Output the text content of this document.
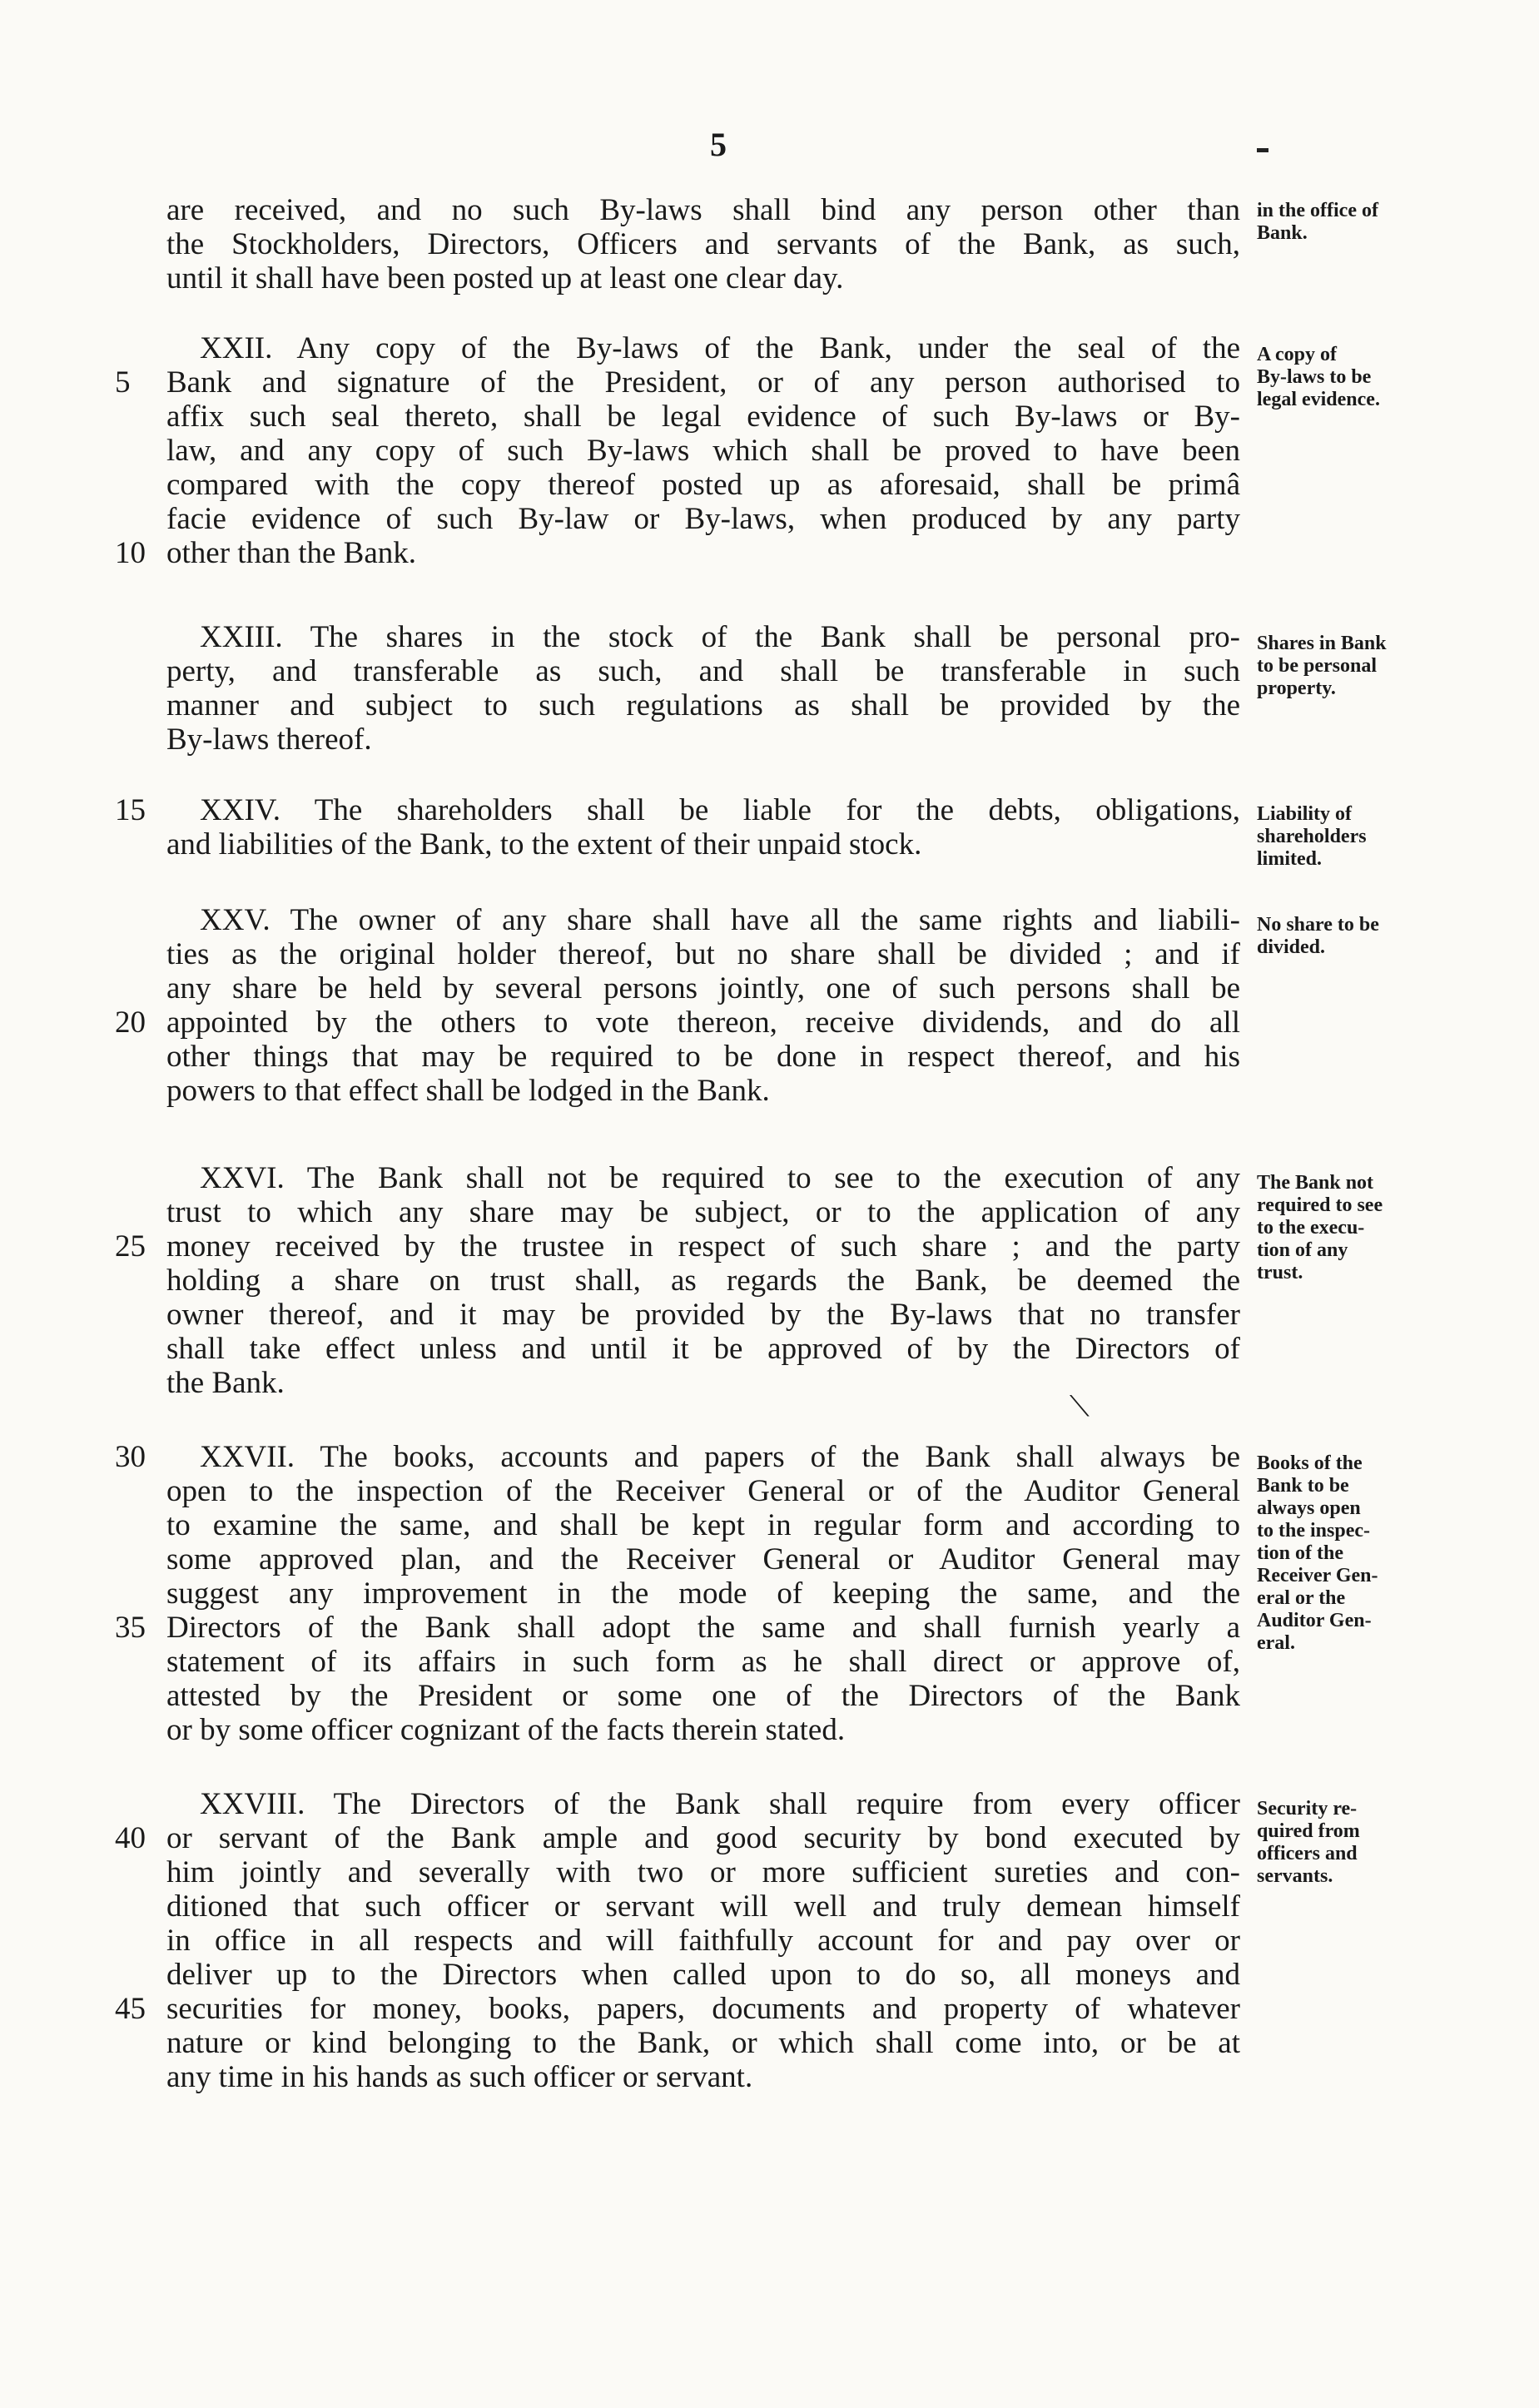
5
are received, and no such By-laws shall bind any person other than
the Stockholders, Directors, Officers and servants of the Bank, as such,
until it shall have been posted up at least one clear day.
in the office of
Bank.
XXII. Any copy of the By-laws of the Bank, under the seal of the
Bank and signature of the President, or of any person authorised to
affix such seal thereto, shall be legal evidence of such By-laws or By-
law, and any copy of such By-laws which shall be proved to have been
compared with the copy thereof posted up as aforesaid, shall be primâ
facie evidence of such By-law or By-laws, when produced by any party
other than the Bank.
A copy of
By-laws to be
legal evidence.
XXIII. The shares in the stock of the Bank shall be personal pro-
perty, and transferable as such, and shall be transferable in such
manner and subject to such regulations as shall be provided by the
By-laws thereof.
Shares in Bank
to be personal
property.
XXIV. The shareholders shall be liable for the debts, obligations,
and liabilities of the Bank, to the extent of their unpaid stock.
Liability of
shareholders
limited.
XXV. The owner of any share shall have all the same rights and liabili-
ties as the original holder thereof, but no share shall be divided ; and if
any share be held by several persons jointly, one of such persons shall be
appointed by the others to vote thereon, receive dividends, and do all
other things that may be required to be done in respect thereof, and his
powers to that effect shall be lodged in the Bank.
No share to be
divided.
XXVI. The Bank shall not be required to see to the execution of any
trust to which any share may be subject, or to the application of any
money received by the trustee in respect of such share ; and the party
holding a share on trust shall, as regards the Bank, be deemed the
owner thereof, and it may be provided by the By-laws that no transfer
shall take effect unless and until it be approved of by the Directors of
the Bank.
The Bank not
required to see
to the execu-
tion of any
trust.
⟍
XXVII. The books, accounts and papers of the Bank shall always be
open to the inspection of the Receiver General or of the Auditor General
to examine the same, and shall be kept in regular form and according to
some approved plan, and the Receiver General or Auditor General may
suggest any improvement in the mode of keeping the same, and the
Directors of the Bank shall adopt the same and shall furnish yearly a
statement of its affairs in such form as he shall direct or approve of,
attested by the President or some one of the Directors of the Bank
or by some officer cognizant of the facts therein stated.
Books of the
Bank to be
always open
to the inspec-
tion of the
Receiver Gen-
eral or the
Auditor Gen-
eral.
XXVIII. The Directors of the Bank shall require from every officer
or servant of the Bank ample and good security by bond executed by
him jointly and severally with two or more sufficient sureties and con-
ditioned that such officer or servant will well and truly demean himself
in office in all respects and will faithfully account for and pay over or
deliver up to the Directors when called upon to do so, all moneys and
securities for money, books, papers, documents and property of whatever
nature or kind belonging to the Bank, or which shall come into, or be at
any time in his hands as such officer or servant.
Security re-
quired from
officers and
servants.
5
10
15
20
25
30
35
40
45
